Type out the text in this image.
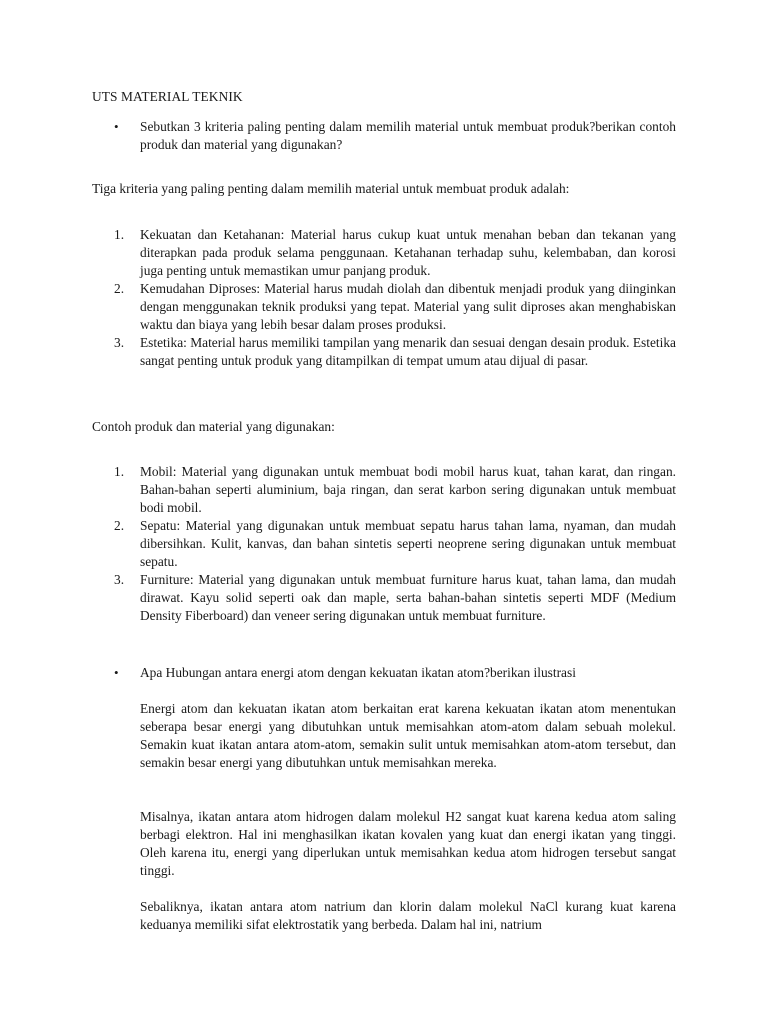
UTS MATERIAL TEKNIK
• Sebutkan 3 kriteria paling penting dalam memilih material untuk membuat produk?berikan contoh produk dan material yang digunakan?
Tiga kriteria yang paling penting dalam memilih material untuk membuat produk adalah:
1. Kekuatan dan Ketahanan: Material harus cukup kuat untuk menahan beban dan tekanan yang diterapkan pada produk selama penggunaan. Ketahanan terhadap suhu, kelembaban, dan korosi juga penting untuk memastikan umur panjang produk.
2. Kemudahan Diproses: Material harus mudah diolah dan dibentuk menjadi produk yang diinginkan dengan menggunakan teknik produksi yang tepat. Material yang sulit diproses akan menghabiskan waktu dan biaya yang lebih besar dalam proses produksi.
3. Estetika: Material harus memiliki tampilan yang menarik dan sesuai dengan desain produk. Estetika sangat penting untuk produk yang ditampilkan di tempat umum atau dijual di pasar.
Contoh produk dan material yang digunakan:
1. Mobil: Material yang digunakan untuk membuat bodi mobil harus kuat, tahan karat, dan ringan. Bahan-bahan seperti aluminium, baja ringan, dan serat karbon sering digunakan untuk membuat bodi mobil.
2. Sepatu: Material yang digunakan untuk membuat sepatu harus tahan lama, nyaman, dan mudah dibersihkan. Kulit, kanvas, dan bahan sintetis seperti neoprene sering digunakan untuk membuat sepatu.
3. Furniture: Material yang digunakan untuk membuat furniture harus kuat, tahan lama, dan mudah dirawat. Kayu solid seperti oak dan maple, serta bahan-bahan sintetis seperti MDF (Medium Density Fiberboard) dan veneer sering digunakan untuk membuat furniture.
• Apa Hubungan antara energi atom dengan kekuatan ikatan atom?berikan ilustrasi
Energi atom dan kekuatan ikatan atom berkaitan erat karena kekuatan ikatan atom menentukan seberapa besar energi yang dibutuhkan untuk memisahkan atom-atom dalam sebuah molekul. Semakin kuat ikatan antara atom-atom, semakin sulit untuk memisahkan atom-atom tersebut, dan semakin besar energi yang dibutuhkan untuk memisahkan mereka.
Misalnya, ikatan antara atom hidrogen dalam molekul H2 sangat kuat karena kedua atom saling berbagi elektron. Hal ini menghasilkan ikatan kovalen yang kuat dan energi ikatan yang tinggi. Oleh karena itu, energi yang diperlukan untuk memisahkan kedua atom hidrogen tersebut sangat tinggi.
Sebaliknya, ikatan antara atom natrium dan klorin dalam molekul NaCl kurang kuat karena keduanya memiliki sifat elektrostatik yang berbeda. Dalam hal ini, natrium
